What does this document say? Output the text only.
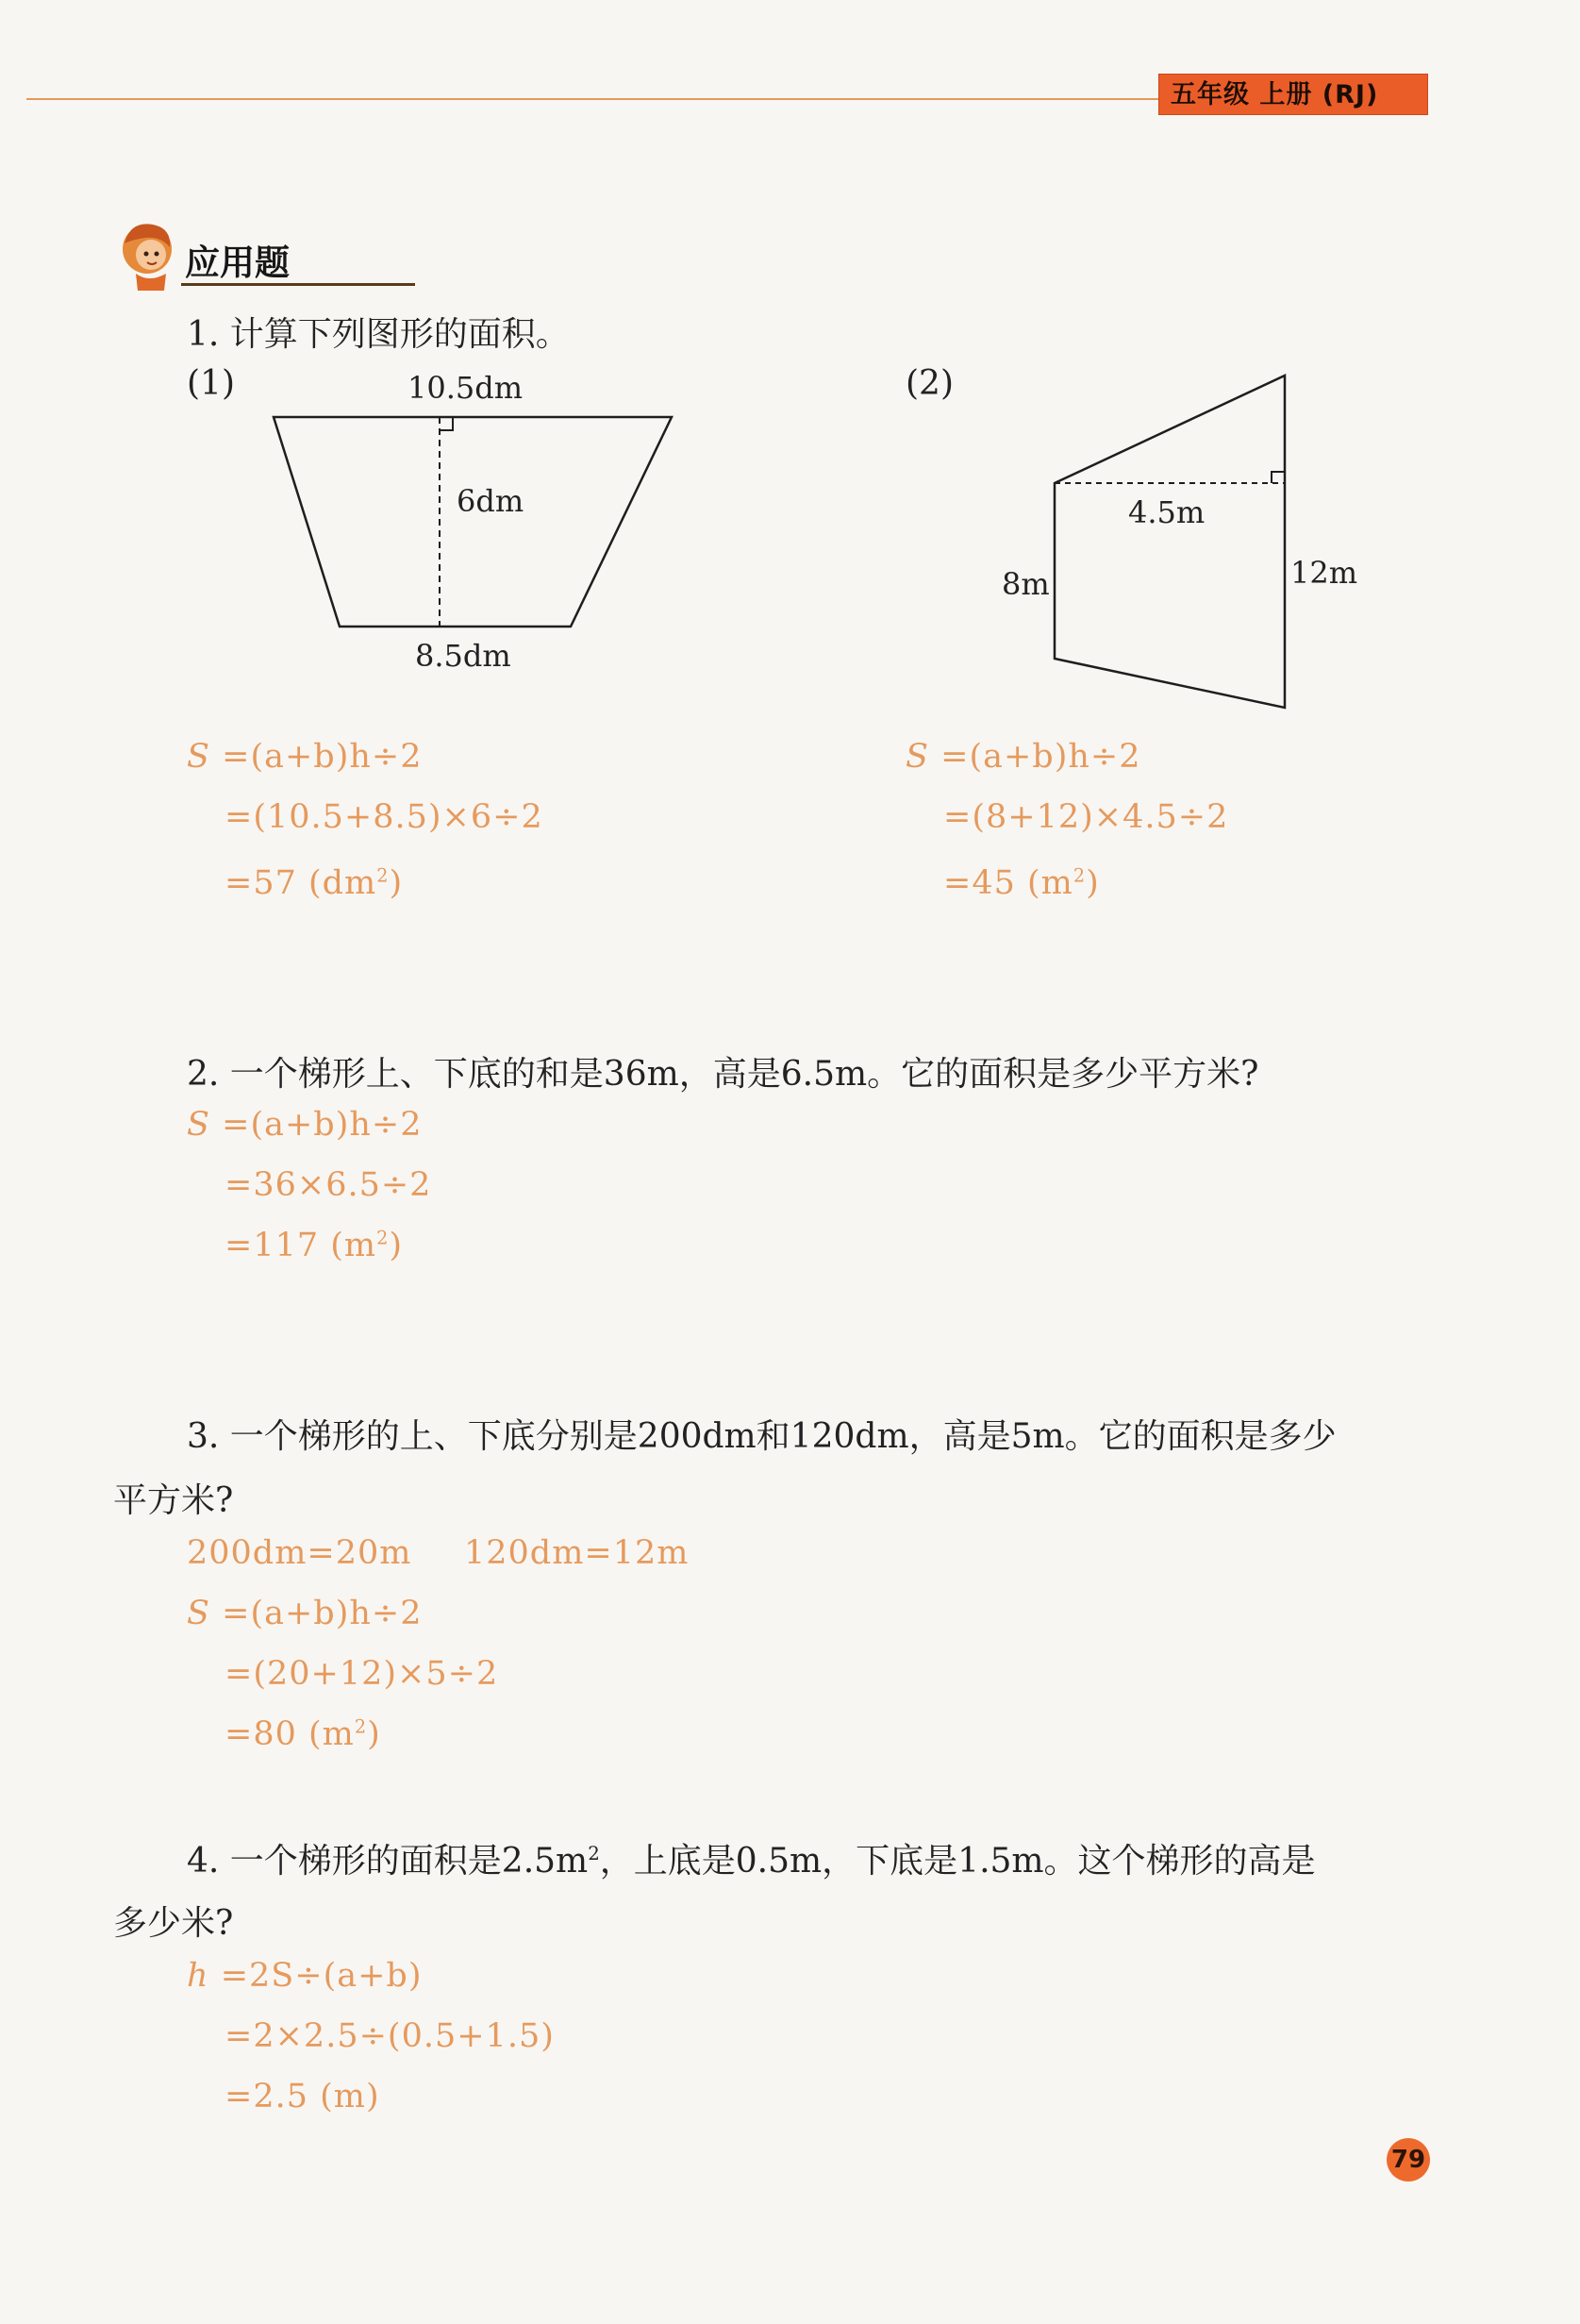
五年级 上册 (RJ)
应用题
1. 计算下列图形的面积。
(1)	(2)
10.5dm
6dm
8.5dm
4.5m
8m	12m
S =(a+b)h÷2
=(10.5+8.5)×6÷2
=57 $(dm^2)$
S =(a+b)h÷2
=(8+12)×4.5÷2
=45 $(m^2)$
2. 一个梯形上、下底的和是36m，高是6.5m。它的面积是多少平方米?
S =(a+b)h÷2
=36×6.5÷2
=117 $(m^2)$
3. 一个梯形的上、下底分别是200dm和120dm，高是5m。它的面积是多少
平方米?
200dm=20m 120dm=12m
S =(a+b)h÷2
=(20+12)×5÷2
=80 $(m^2)$
4. 一个梯形的面积是$2.5m^2$，上底是0.5m，下底是1.5m。这个梯形的高是
多少米?
h =2S÷(a+b)
=2×2.5÷(0.5+1.5)
=2.5 (m)
79
